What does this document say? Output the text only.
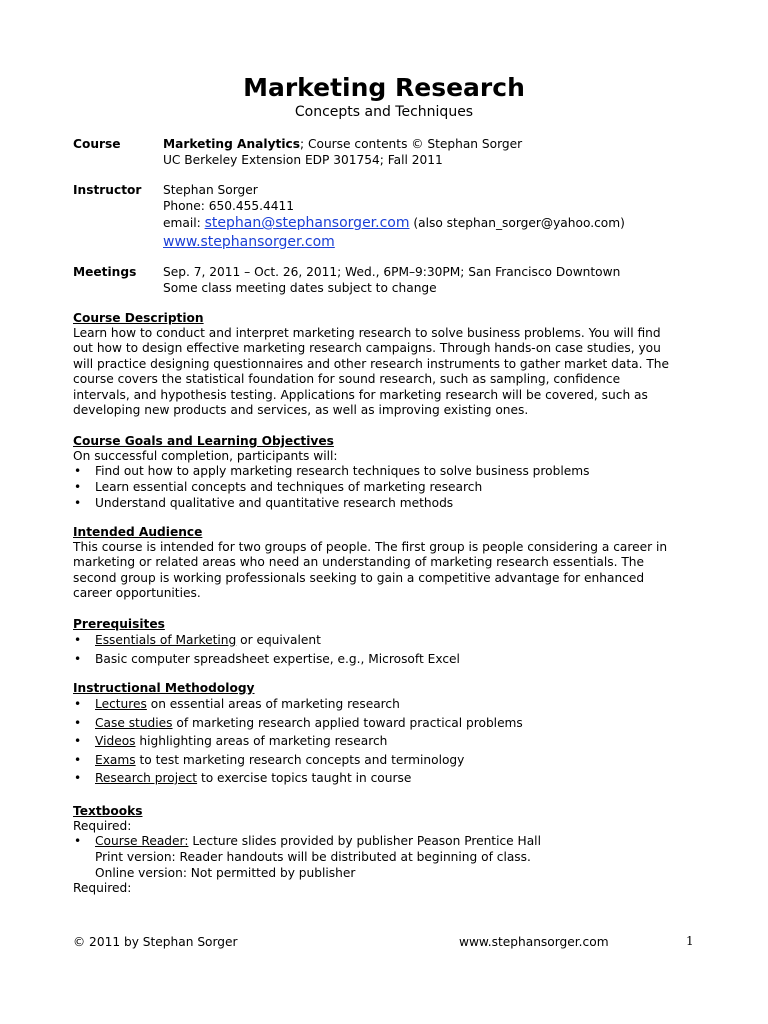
Marketing Research
Concepts and Techniques
Course	Marketing Analytics; Course contents © Stephan Sorger
UC Berkeley Extension EDP 301754; Fall 2011
Instructor Stephan Sorger
Phone: 650.455.4411
email: stephan@stephansorger.com (also stephan_sorger@yahoo.com)
www.stephansorger.com
Meetings Sep. 7, 2011 – Oct. 26, 2011; Wed., 6PM–9:30PM; San Francisco Downtown
Some class meeting dates subject to change
Course Description

Learn how to conduct and interpret marketing research to solve business problems. You will find

out how to design effective marketing research campaigns. Through hands-on case studies, you

will practice designing questionnaires and other research instruments to gather market data. The

course covers the statistical foundation for sound research, such as sampling, confidence

intervals, and hypothesis testing. Applications for marketing research will be covered, such as

developing new products and services, as well as improving existing ones.

Course Goals and Learning Objectives

On successful completion, participants will:

• Find out how to apply marketing research techniques to solve business problems
• Learn essential concepts and techniques of marketing research
• Understand qualitative and quantitative research methods
Intended Audience

This course is intended for two groups of people. The first group is people considering a career in

marketing or related areas who need an understanding of marketing research essentials. The

second group is working professionals seeking to gain a competitive advantage for enhanced

career opportunities.

Prerequisites
• Essentials of Marketing or equivalent
• Basic computer spreadsheet expertise, e.g., Microsoft Excel
Instructional Methodology
• Lectures on essential areas of marketing research
• Case studies of marketing research applied toward practical problems
• Videos highlighting areas of marketing research
• Exams to test marketing research concepts and terminology
• Research project to exercise topics taught in course
Textbooks

Required:

• Course Reader: Lecture slides provided by publisher Peason Prentice Hall
Print version: Reader handouts will be distributed at beginning of class.
Online version: Not permitted by publisher

Required:

© 2011 by Stephan Sorger	www.stephansorger.com	1
